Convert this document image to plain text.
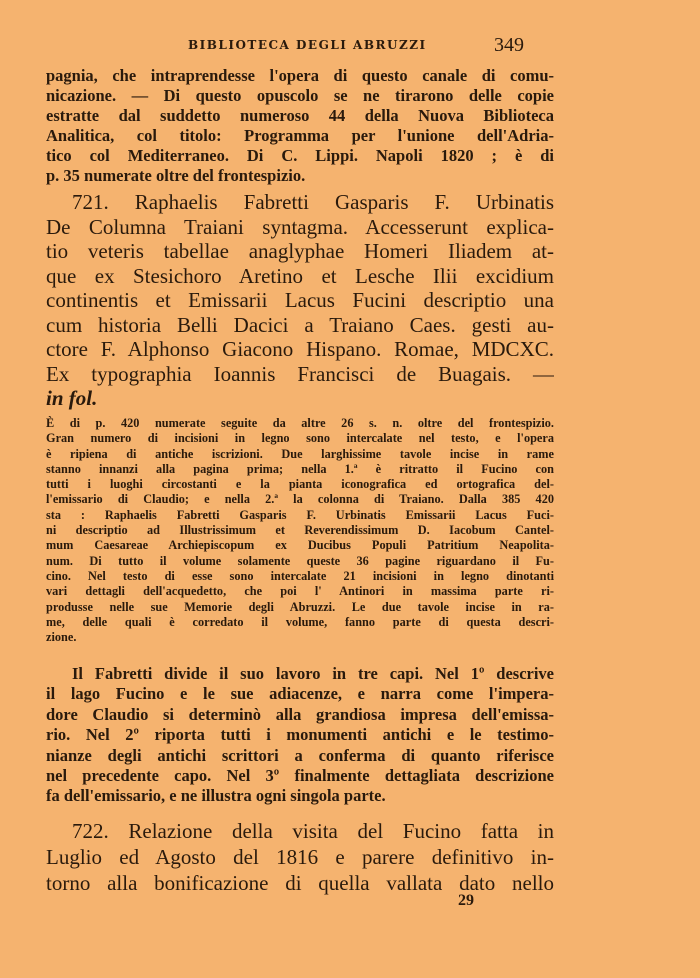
BIBLIOTECA DEGLI ABRUZZI	349
pagnia, che intraprendesse l'opera di questo canale di comu-
nicazione. — Di questo opuscolo se ne tirarono delle copie
estratte dal suddetto numeroso 44 della Nuova Biblioteca
Analitica, col titolo: Programma per l'unione dell'Adria-
tico col Mediterraneo. Di C. Lippi. Napoli 1820 ; è di
p. 35 numerate oltre del frontespizio.
721. Raphaelis Fabretti Gasparis F. Urbinatis
De Columna Traiani syntagma. Accesserunt explica-
tio veteris tabellae anaglyphae Homeri Iliadem at-
que ex Stesichoro Aretino et Lesche Ilii excidium
continentis et Emissarii Lacus Fucini descriptio una
cum historia Belli Dacici a Traiano Caes. gesti au-
ctore F. Alphonso Giacono Hispano. Romae, MDCXC.
Ex typographia Ioannis Francisci de Buagais. —
in fol.
È di p. 420 numerate seguite da altre 26 s. n. oltre del frontespizio.
Gran numero di incisioni in legno sono intercalate nel testo, e l'opera
è ripiena di antiche iscrizioni. Due larghissime tavole incise in rame
stanno innanzi alla pagina prima; nella 1.ª è ritratto il Fucino con
tutti i luoghi circostanti e la pianta iconografica ed ortografica del-
l'emissario di Claudio; e nella 2.ª la colonna di Traiano. Dalla 385 420
sta : Raphaelis Fabretti Gasparis F. Urbinatis Emissarii Lacus Fuci-
ni descriptio ad Illustrissimum et Reverendissimum D. Iacobum Cantel-
mum Caesareae Archiepiscopum ex Ducibus Populi Patritium Neapolita-
num. Di tutto il volume solamente queste 36 pagine riguardano il Fu-
cino. Nel testo di esse sono intercalate 21 incisioni in legno dinotanti
vari dettagli dell'acquedetto, che poi l' Antinori in massima parte ri-
produsse nelle sue Memorie degli Abruzzi. Le due tavole incise in ra-
me, delle quali è corredato il volume, fanno parte di questa descri-
zione.
Il Fabretti divide il suo lavoro in tre capi. Nel 1º descrive
il lago Fucino e le sue adiacenze, e narra come l'impera-
dore Claudio si determinò alla grandiosa impresa dell'emissa-
rio. Nel 2º riporta tutti i monumenti antichi e le testimo-
nianze degli antichi scrittori a conferma di quanto riferisce
nel precedente capo. Nel 3º finalmente dettagliata descrizione
fa dell'emissario, e ne illustra ogni singola parte.
722. Relazione della visita del Fucino fatta in
Luglio ed Agosto del 1816 e parere definitivo in-
torno alla bonificazione di quella vallata dato nello
29
